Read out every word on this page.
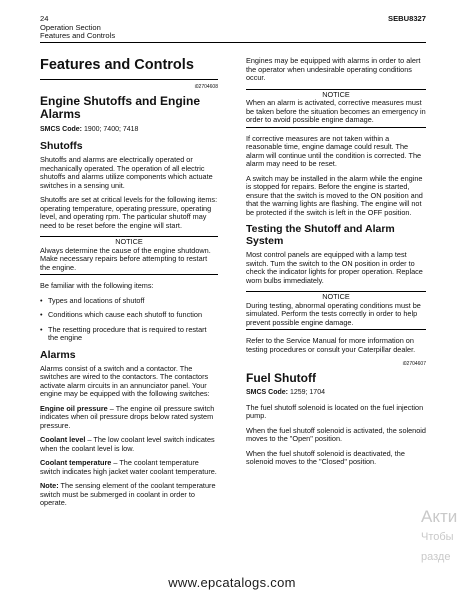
24
Operation Section
Features and Controls
SEBU8327
Features and Controls
i02704608
Engine Shutoffs and Engine Alarms
SMCS Code: 1900; 7400; 7418
Shutoffs

Shutoffs and alarms are electrically operated or mechanically operated. The operation of all electric shutoffs and alarms utilize components which actuate switches in a sensing unit.

Shutoffs are set at critical levels for the following items: operating temperature, operating pressure, operating level, and operating rpm. The particular shutoff may need to be reset before the engine will start.

NOTICE
Always determine the cause of the engine shutdown. Make necessary repairs before attempting to restart the engine.

Be familiar with the following items:

• Types and locations of shutoff
• Conditions which cause each shutoff to function
• The resetting procedure that is required to restart the engine
Alarms

Alarms consist of a switch and a contactor. The switches are wired to the contactors. The contactors activate alarm circuits in an annunciator panel. Your engine may be equipped with the following switches:

Engine oil pressure – The engine oil pressure switch indicates when oil pressure drops below rated system pressure.

Coolant level – The low coolant level switch indicates when the coolant level is low.

Coolant temperature – The coolant temperature switch indicates high jacket water coolant temperature.

Note: The sensing element of the coolant temperature switch must be submerged in coolant in order to operate.

Engines may be equipped with alarms in order to alert the operator when undesirable operating conditions occur.

NOTICE
When an alarm is activated, corrective measures must be taken before the situation becomes an emergency in order to avoid possible engine damage.

If corrective measures are not taken within a reasonable time, engine damage could result. The alarm will continue until the condition is corrected. The alarm may need to be reset.

A switch may be installed in the alarm while the engine is stopped for repairs. Before the engine is started, ensure that the switch is moved to the ON position and that the warning lights are flashing. The engine will not be protected if the switch is left in the OFF position.

Testing the Shutoff and Alarm System

Most control panels are equipped with a lamp test switch. Turn the switch to the ON position in order to check the indicator lights for proper operation. Replace worn bulbs immediately.

NOTICE
During testing, abnormal operating conditions must be simulated. Perform the tests correctly in order to help prevent possible engine damage.

Refer to the Service Manual for more information on testing procedures or consult your Caterpillar dealer.

i02704607
Fuel Shutoff
SMCS Code: 1259; 1704

The fuel shutoff solenoid is located on the fuel injection pump.

When the fuel shutoff solenoid is activated, the solenoid moves to the "Open" position.

When the fuel shutoff solenoid is deactivated, the solenoid moves to the "Closed" position.

Акти
Чтобы
разде
www.epcatalogs.com
